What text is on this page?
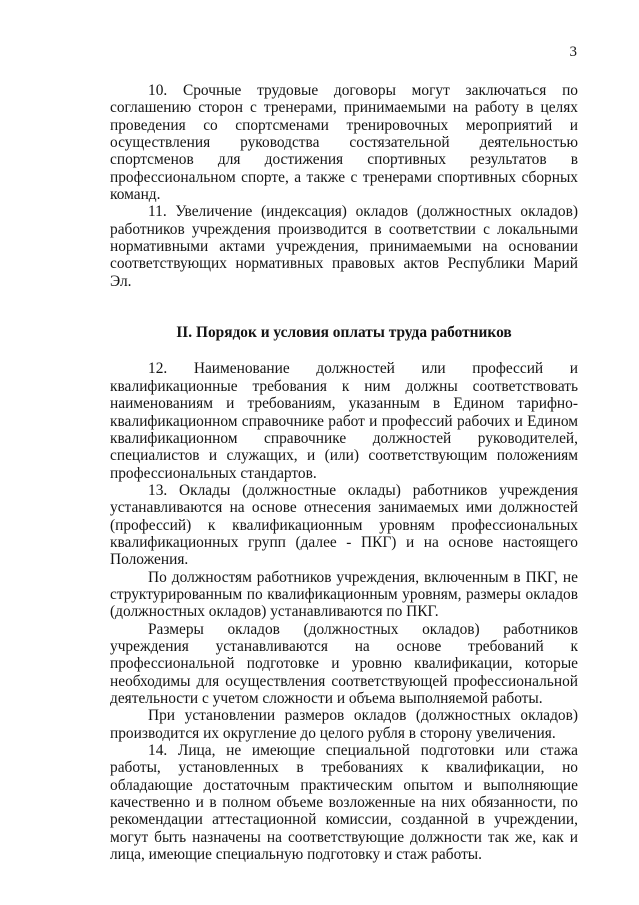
3

10. Срочные трудовые договоры могут заключаться по соглашению сторон с тренерами, принимаемыми на работу в целях проведения со спортсменами тренировочных мероприятий и осуществления руководства состязательной деятельностью спортсменов для достижения спортивных результатов в профессиональном спорте, а также с тренерами спортивных сборных команд.

11. Увеличение (индексация) окладов (должностных окладов) работников учреждения производится в соответствии с локальными нормативными актами учреждения, принимаемыми на основании соответствующих нормативных правовых актов Республики Марий Эл.

II. Порядок и условия оплаты труда работников

12. Наименование должностей или профессий и квалификационные требования к ним должны соответствовать наименованиям и требованиям, указанным в Едином тарифно-квалификационном справочнике работ и профессий рабочих и Едином квалификационном справочнике должностей руководителей, специалистов и служащих, и (или) соответствующим положениям профессиональных стандартов.

13. Оклады (должностные оклады) работников учреждения устанавливаются на основе отнесения занимаемых ими должностей (профессий) к квалификационным уровням профессиональных квалификационных групп (далее - ПКГ) и на основе настоящего Положения.

По должностям работников учреждения, включенным в ПКГ, не структурированным по квалификационным уровням, размеры окладов (должностных окладов) устанавливаются по ПКГ.

Размеры окладов (должностных окладов) работников учреждения устанавливаются на основе требований к профессиональной подготовке и уровню квалификации, которые необходимы для осуществления соответствующей профессиональной деятельности с учетом сложности и объема выполняемой работы.

При установлении размеров окладов (должностных окладов) производится их округление до целого рубля в сторону увеличения.

14. Лица, не имеющие специальной подготовки или стажа работы, установленных в требованиях к квалификации, но обладающие достаточным практическим опытом и выполняющие качественно и в полном объеме возложенные на них обязанности, по рекомендации аттестационной комиссии, созданной в учреждении, могут быть назначены на соответствующие должности так же, как и лица, имеющие специальную подготовку и стаж работы.
